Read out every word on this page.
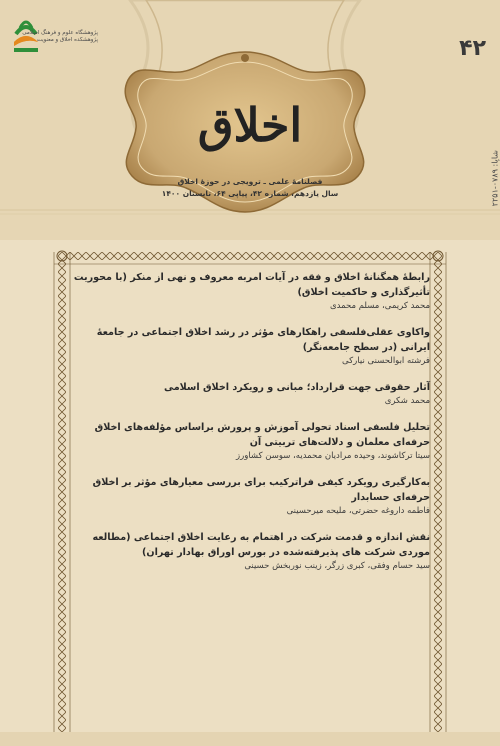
پژوهشگاه علوم و فرهنگ اسلامی
پژوهشکده اخلاق و معنویت	۴۲
شاپا: ۰۷۸۹-۲۲۵۱
اخلاق
فصلنامهٔ علمی ـ ترویجی در حوزهٔ اخلاق
سال یازدهم، شماره ۴۲، پیاپی ۶۴، تابستان ۱۴۰۰
رابطهٔ همگنانهٔ اخلاق و فقه در آیات امربه معروف و نهی از منکر (با محوریت تأثیرگذاری و حاکمیت اخلاق)
محمد کریمی، مسلم محمدی
واکاوی عقلی‌فلسفی راهکارهای مؤثر در رشد اخلاق اجتماعی در جامعهٔ ایرانی (در سطح جامعه‌نگر)
فرشته ابوالحسنی نیارکی
آثار حقوقی جهت قرارداد؛ مبانی و رویکرد اخلاق اسلامی
محمد شکری
تحلیل فلسفی اسناد تحولی آموزش و پرورش براساس مؤلفه‌های اخلاق حرفه‌ای معلمان و دلالت‌های تربیتی آن
سیتا ترکاشوند، وحیده مرادیان محمدیه، سوسن کشاورز
به‌کارگیری رویکرد کیفی فراترکیب برای بررسی معیارهای مؤثر بر اخلاق حرفه‌ای حسابدار
فاطمه داروغه حضرتی، ملیحه میرحسینی
نقش اندازه و قدمت شرکت در اهتمام به رعایت اخلاق اجتماعی (مطالعه موردی شرکت های پذیرفته‌شده در بورس اوراق بهادار تهران)
سید حسام وفقی، کبری زرگر، زینب نوربخش حسینی
